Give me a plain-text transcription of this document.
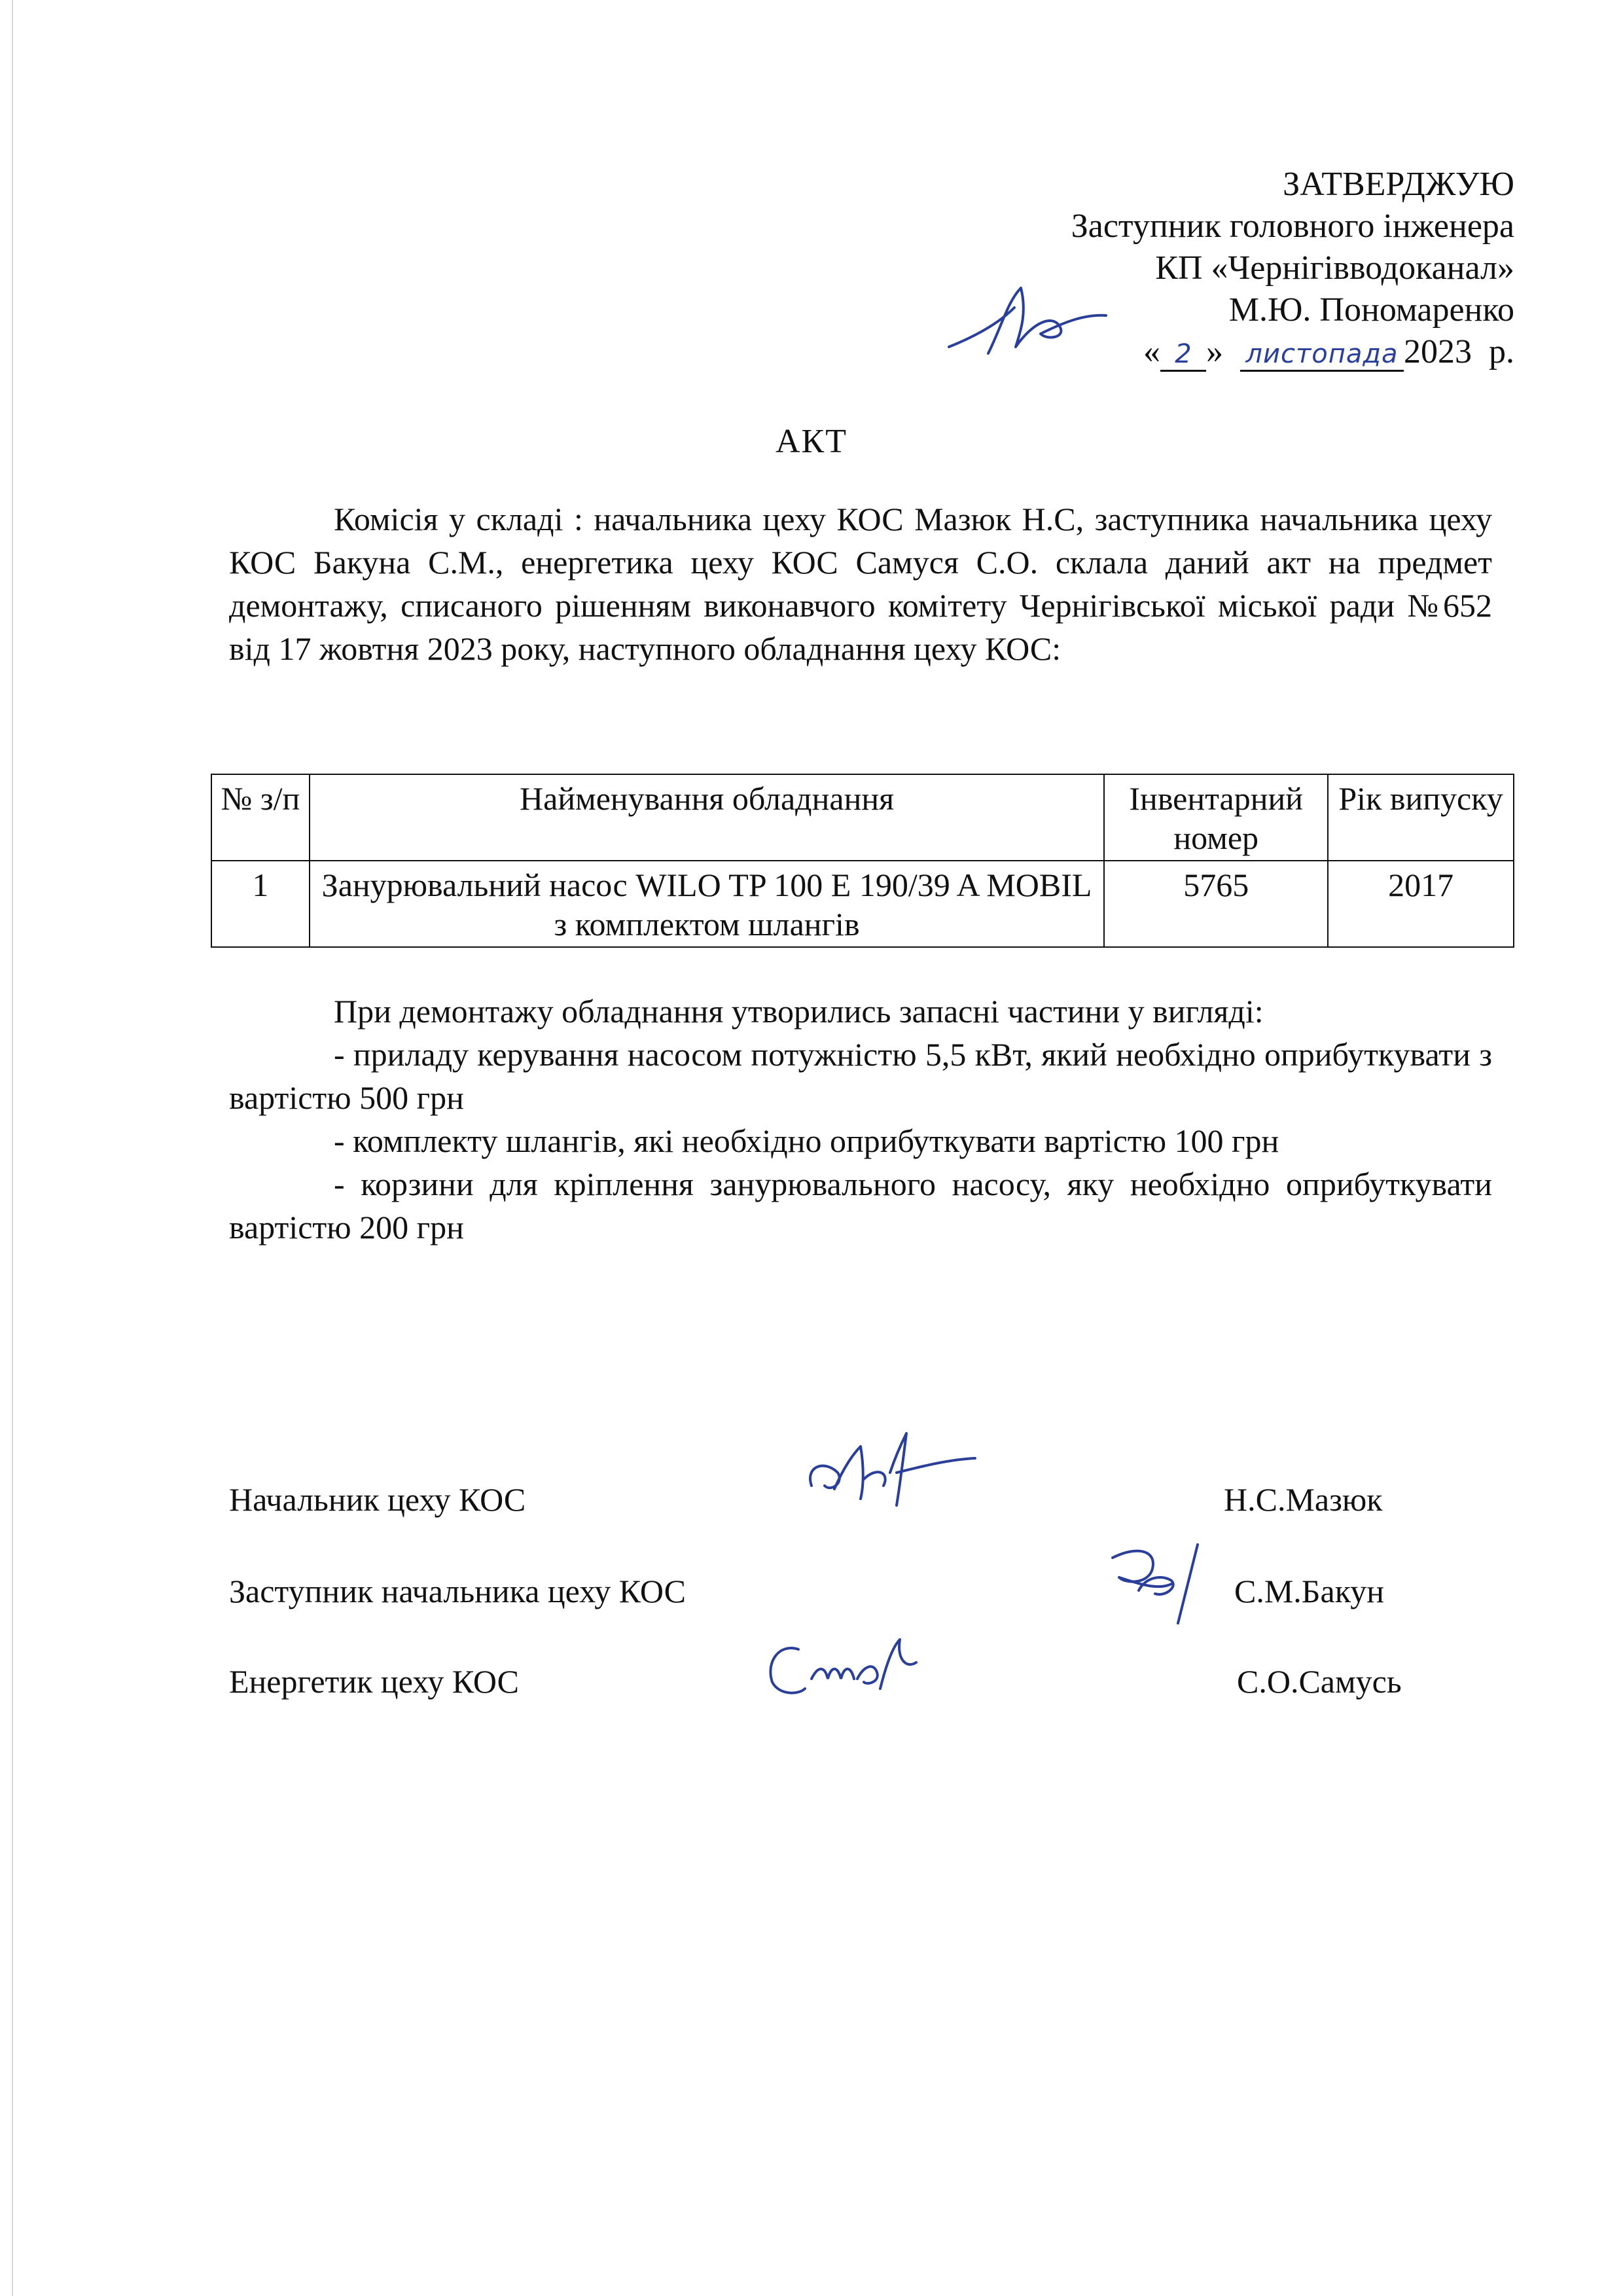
ЗАТВЕРДЖУЮ
Заступник головного інженера
КП «Чернігівводоканал»
М.Ю. Пономаренко
« 2 » листопада 2023 р.
АКТ
Комісія у складі : начальника цеху КОС Мазюк Н.С, заступника начальника цеху КОС Бакуна С.М., енергетика цеху КОС Самуся С.О. склала даний акт на предмет демонтажу, списаного рішенням виконавчого комітету Чернігівської міської ради №652 від 17 жовтня 2023 року, наступного обладнання цеху КОС:
№ з/п	Найменування обладнання	Інвентарний номер	Рік випуску
1	Занурювальний насос WILO TP 100 E 190/39 A MOBIL з комплектом шлангів	5765	2017

При демонтажу обладнання утворились запасні частини у вигляді:

- приладу керування насосом потужністю 5,5 кВт, який необхідно оприбуткувати з вартістю 500 грн

- комплекту шлангів, які необхідно оприбуткувати вартістю 100 грн

- корзини для кріплення занурювального насосу, яку необхідно оприбуткувати вартістю 200 грн

Начальник цеху КОС	Н.С.Мазюк
Заступник начальника цеху КОС	С.М.Бакун
Енергетик цеху КОС	С.О.Самусь
